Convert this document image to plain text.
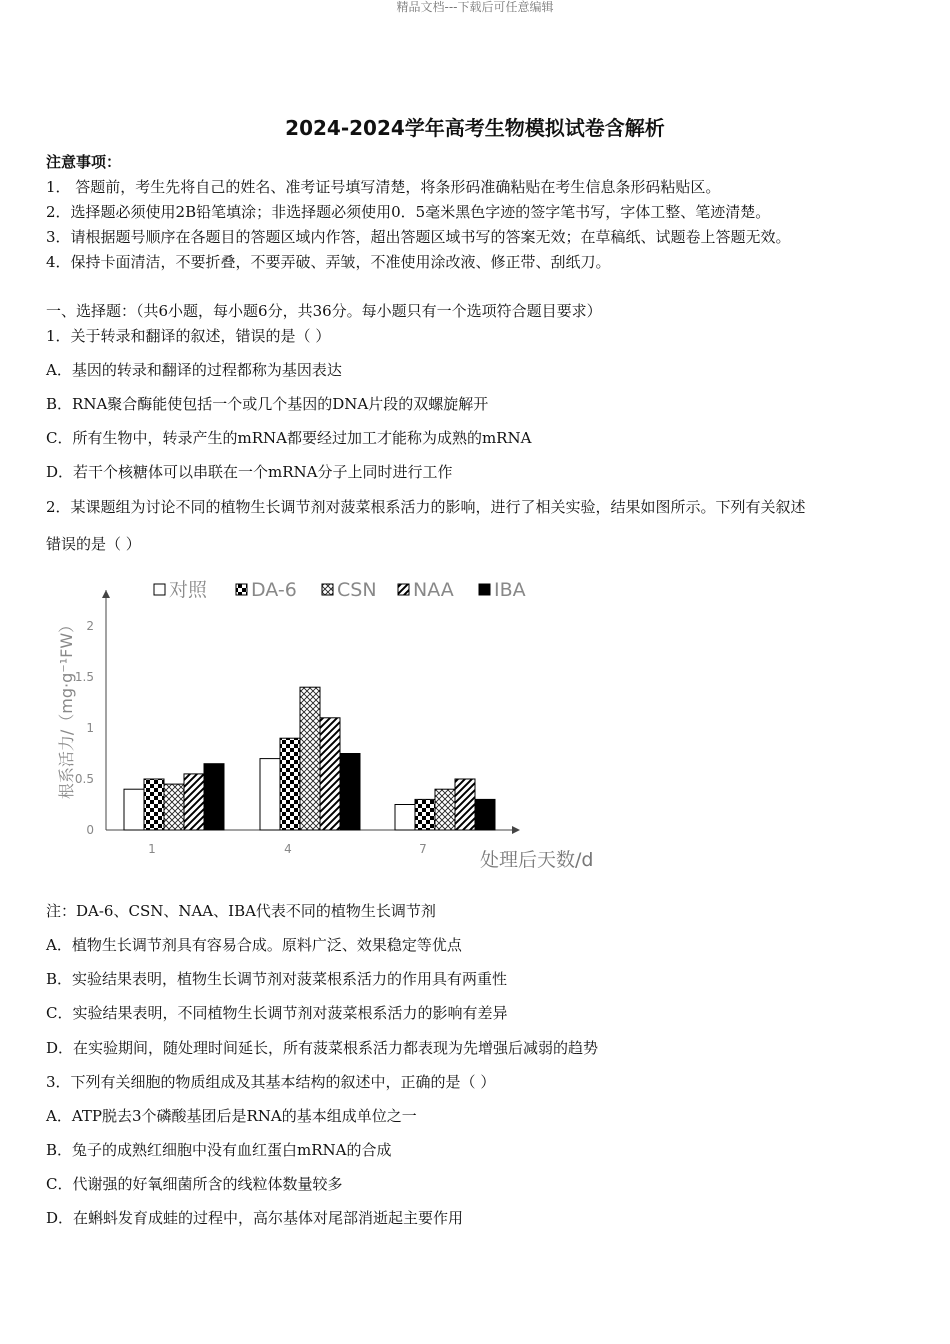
精品文档---下载后可任意编辑
2024-2024学年高考生物模拟试卷含解析
注意事项：
1． 答题前，考生先将自己的姓名、准考证号填写清楚，将条形码准确粘贴在考生信息条形码粘贴区。
2．选择题必须使用2B铅笔填涂；非选择题必须使用0．5毫米黑色字迹的签字笔书写，字体工整、笔迹清楚。
3．请根据题号顺序在各题目的答题区域内作答，超出答题区域书写的答案无效；在草稿纸、试题卷上答题无效。
4．保持卡面清洁，不要折叠，不要弄破、弄皱，不准使用涂改液、修正带、刮纸刀。
一、选择题：（共6小题，每小题6分，共36分。每小题只有一个选项符合题目要求）
1．关于转录和翻译的叙述，错误的是（ ）
A．基因的转录和翻译的过程都称为基因表达
B．RNA聚合酶能使包括一个或几个基因的DNA片段的双螺旋解开
C．所有生物中，转录产生的mRNA都要经过加工才能称为成熟的mRNA
D．若干个核糖体可以串联在一个mRNA分子上同时进行工作
2．某课题组为讨论不同的植物生长调节剂对菠菜根系活力的影响，进行了相关实验，结果如图所示。下列有关叙述
错误的是（ ）
对照 DA-6 CSN NAA IBA
根系活力/（mg·g⁻¹FW）
0
0.5
1
1.5
2
1	4	7	处理后天数/d
注：DA-6、CSN、NAA、IBA代表不同的植物生长调节剂
A．植物生长调节剂具有容易合成。原料广泛、效果稳定等优点
B．实验结果表明，植物生长调节剂对菠菜根系活力的作用具有两重性
C．实验结果表明，不同植物生长调节剂对菠菜根系活力的影响有差异
D．在实验期间，随处理时间延长，所有菠菜根系活力都表现为先增强后减弱的趋势
3．下列有关细胞的物质组成及其基本结构的叙述中，正确的是（ ）
A．ATP脱去3个磷酸基团后是RNA的基本组成单位之一
B．兔子的成熟红细胞中没有血红蛋白mRNA的合成
C．代谢强的好氧细菌所含的线粒体数量较多
D．在蝌蚪发育成蛙的过程中，高尔基体对尾部消逝起主要作用
